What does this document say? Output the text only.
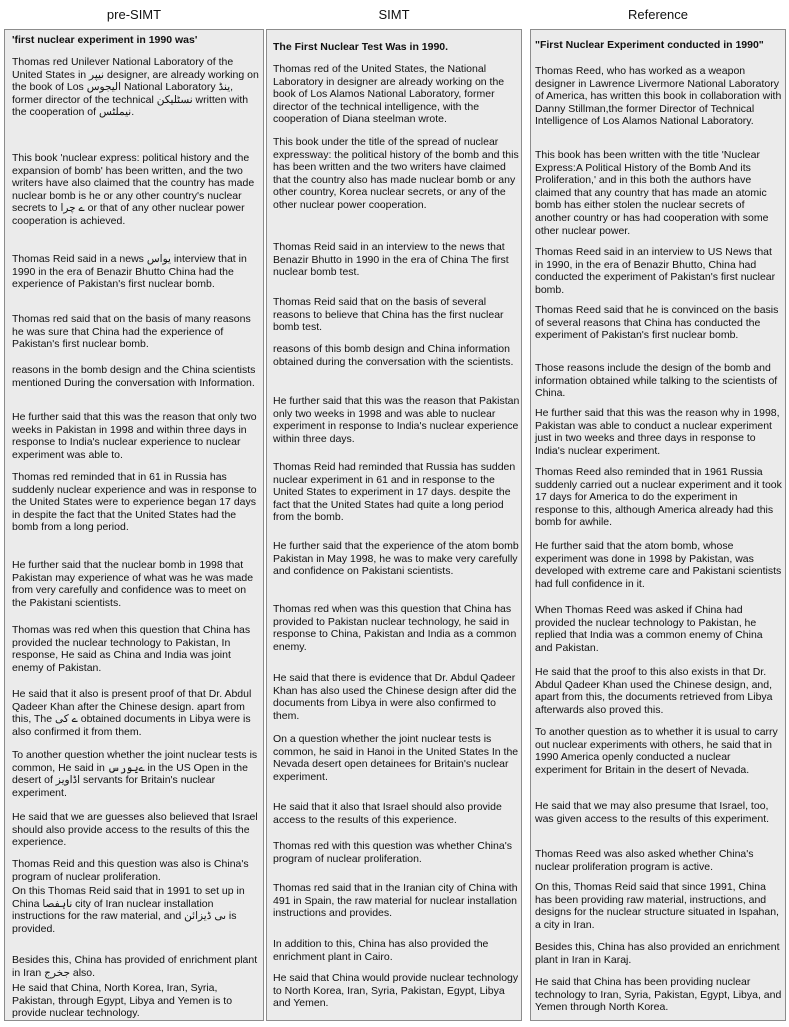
pre-SIMT	SIMT	Reference

'first nuclear experiment in 1990 was'

Thomas red Unilever National Laboratory of the United States in نیپر designer, are already working on the book of Los الیجوس National Laboratory ینڈ, former director of the technical نسٹلیکن written with the cooperation of نیملٹس.

This book 'nuclear express: political history and the expansion of bomb' has been written, and the two writers have also claimed that the country has made nuclear bomb is he or any other country's nuclear secrets to ے چرا or that of any other nuclear power cooperation is achieved.

Thomas Reid said in a news یواس interview that in 1990 in the era of Benazir Bhutto China had the experience of Pakistan's first nuclear bomb.

Thomas red said that on the basis of many reasons he was sure that China had the experience of Pakistan's first nuclear bomb.

reasons in the bomb design and the China scientists mentioned During the conversation with Information.

He further said that this was the reason that only two weeks in Pakistan in 1998 and within three days in response to India's nuclear experience to nuclear experiment was able to.

Thomas red reminded that in 61 in Russia has suddenly nuclear experience and was in response to the United States were to experience began 17 days in despite the fact that the United States had the bomb from a long period.

He further said that the nuclear bomb in 1998 that Pakistan may experience of what was he was made from very carefully and confidence was to meet on the Pakistani scientists.

Thomas was red when this question that China has provided the nuclear technology to Pakistan, In response, He said as China and India was joint enemy of Pakistan.

He said that it also is present proof of that Dr. Abdul Qadeer Khan after the Chinese design. apart from this, The ے کی obtained documents in Libya were is also confirmed it from them.

To another question whether the joint nuclear tests is common, He said in ےیورس in the US Open in the desert of اڈاویز servants for Britain's nuclear experiment.

He said that we are guesses also believed that Israel should also provide access to the results of this the experience.

Thomas Reid and this question was also is China's program of nuclear proliferation.

On this Thomas Reid said that in 1991 to set up in China ناہفصا city of Iran nuclear installation instructions for the raw material, and ںی ڈیزائن is provided.

Besides this, China has provided of enrichment plant in Iran جخرج also.

He said that China, North Korea, Iran, Syria, Pakistan, through Egypt, Libya and Yemen is to provide nuclear technology.

The First Nuclear Test Was in 1990.

Thomas red of the United States, the National Laboratory in designer are already working on the book of Los Alamos National Laboratory, former director of the technical intelligence, with the cooperation of Diana steelman wrote.

This book under the title of the spread of nuclear expressway: the political history of the bomb and this has been written and the two writers have claimed that the country also has made nuclear bomb or any other country, Korea nuclear secrets, or any of the other nuclear power cooperation.

Thomas Reid said in an interview to the news that Benazir Bhutto in 1990 in the era of China The first nuclear bomb test.

Thomas Reid said that on the basis of several reasons to believe that China has the first nuclear bomb test.

reasons of this bomb design and China information obtained during the conversation with the scientists.

He further said that this was the reason that Pakistan only two weeks in 1998 and was able to nuclear experiment in response to India's nuclear experience within three days.

Thomas Reid had reminded that Russia has sudden nuclear experiment in 61 and in response to the United States to experiment in 17 days. despite the fact that the United States had quite a long period from the bomb.

He further said that the experience of the atom bomb Pakistan in May 1998, he was to make very carefully and confidence on Pakistani scientists.

Thomas red when was this question that China has provided to Pakistan nuclear technology, he said in response to China, Pakistan and India as a common enemy.

He said that there is evidence that Dr. Abdul Qadeer Khan has also used the Chinese design after did the documents from Libya in were also confirmed to them.

On a question whether the joint nuclear tests is common, he said in Hanoi in the United States In the Nevada desert open detainees for Britain's nuclear experiment.

He said that it also that Israel should also provide access to the results of this experience.

Thomas red with this question was whether China's program of nuclear proliferation.

Thomas red said that in the Iranian city of China with 491 in Spain, the raw material for nuclear installation instructions and provides.

In addition to this, China has also provided the enrichment plant in Cairo.

He said that China would provide nuclear technology to North Korea, Iran, Syria, Pakistan, Egypt, Libya and Yemen.

"First Nuclear Experiment conducted in 1990"

Thomas Reed, who has worked as a weapon designer in Lawrence Livermore National Laboratory of America, has written this book in collaboration with Danny Stillman,the former Director of Technical Intelligence of Los Alamos National Laboratory.

This book has been written with the title 'Nuclear Express:A Political History of the Bomb And its Proliferation,' and in this both the authors have claimed that any country that has made an atomic bomb has either stolen the nuclear secrets of another country or has had cooperation with some other nuclear power.

Thomas Reed said in an interview to US News that in 1990, in the era of Benazir Bhutto, China had conducted the experiment of Pakistan's first nuclear bomb.

Thomas Reed said that he is convinced on the basis of several reasons that China has conducted the experiment of Pakistan's first nuclear bomb.

Those reasons include the design of the bomb and information obtained while talking to the scientists of China.

He further said that this was the reason why in 1998, Pakistan was able to conduct a nuclear experiment just in two weeks and three days in response to India's nuclear experiment.

Thomas Reed also reminded that in 1961 Russia suddenly carried out a nuclear experiment and it took 17 days for America to do the experiment in response to this, although America already had this bomb for awhile.

He further said that the atom bomb, whose experiment was done in 1998 by Pakistan, was developed with extreme care and Pakistani scientists had full confidence in it.

When Thomas Reed was asked if China had provided the nuclear technology to Pakistan, he replied that India was a common enemy of China and Pakistan.

He said that the proof to this also exists in that Dr. Abdul Qadeer Khan used the Chinese design, and, apart from this, the documents retrieved from Libya afterwards also proved this.

To another question as to whether it is usual to carry out nuclear experiments with others, he said that in 1990 America openly conducted a nuclear experiment for Britain in the desert of Nevada.

He said that we may also presume that Israel, too, was given access to the results of this experiment.

Thomas Reed was also asked whether China's nuclear proliferation program is active.

On this, Thomas Reid said that since 1991, China has been providing raw material, instructions, and designs for the nuclear structure situated in Ispahan, a city in Iran.

Besides this, China has also provided an enrichment plant in Iran in Karaj.

He said that China has been providing nuclear technology to Iran, Syria, Pakistan, Egypt, Libya, and Yemen through North Korea.
